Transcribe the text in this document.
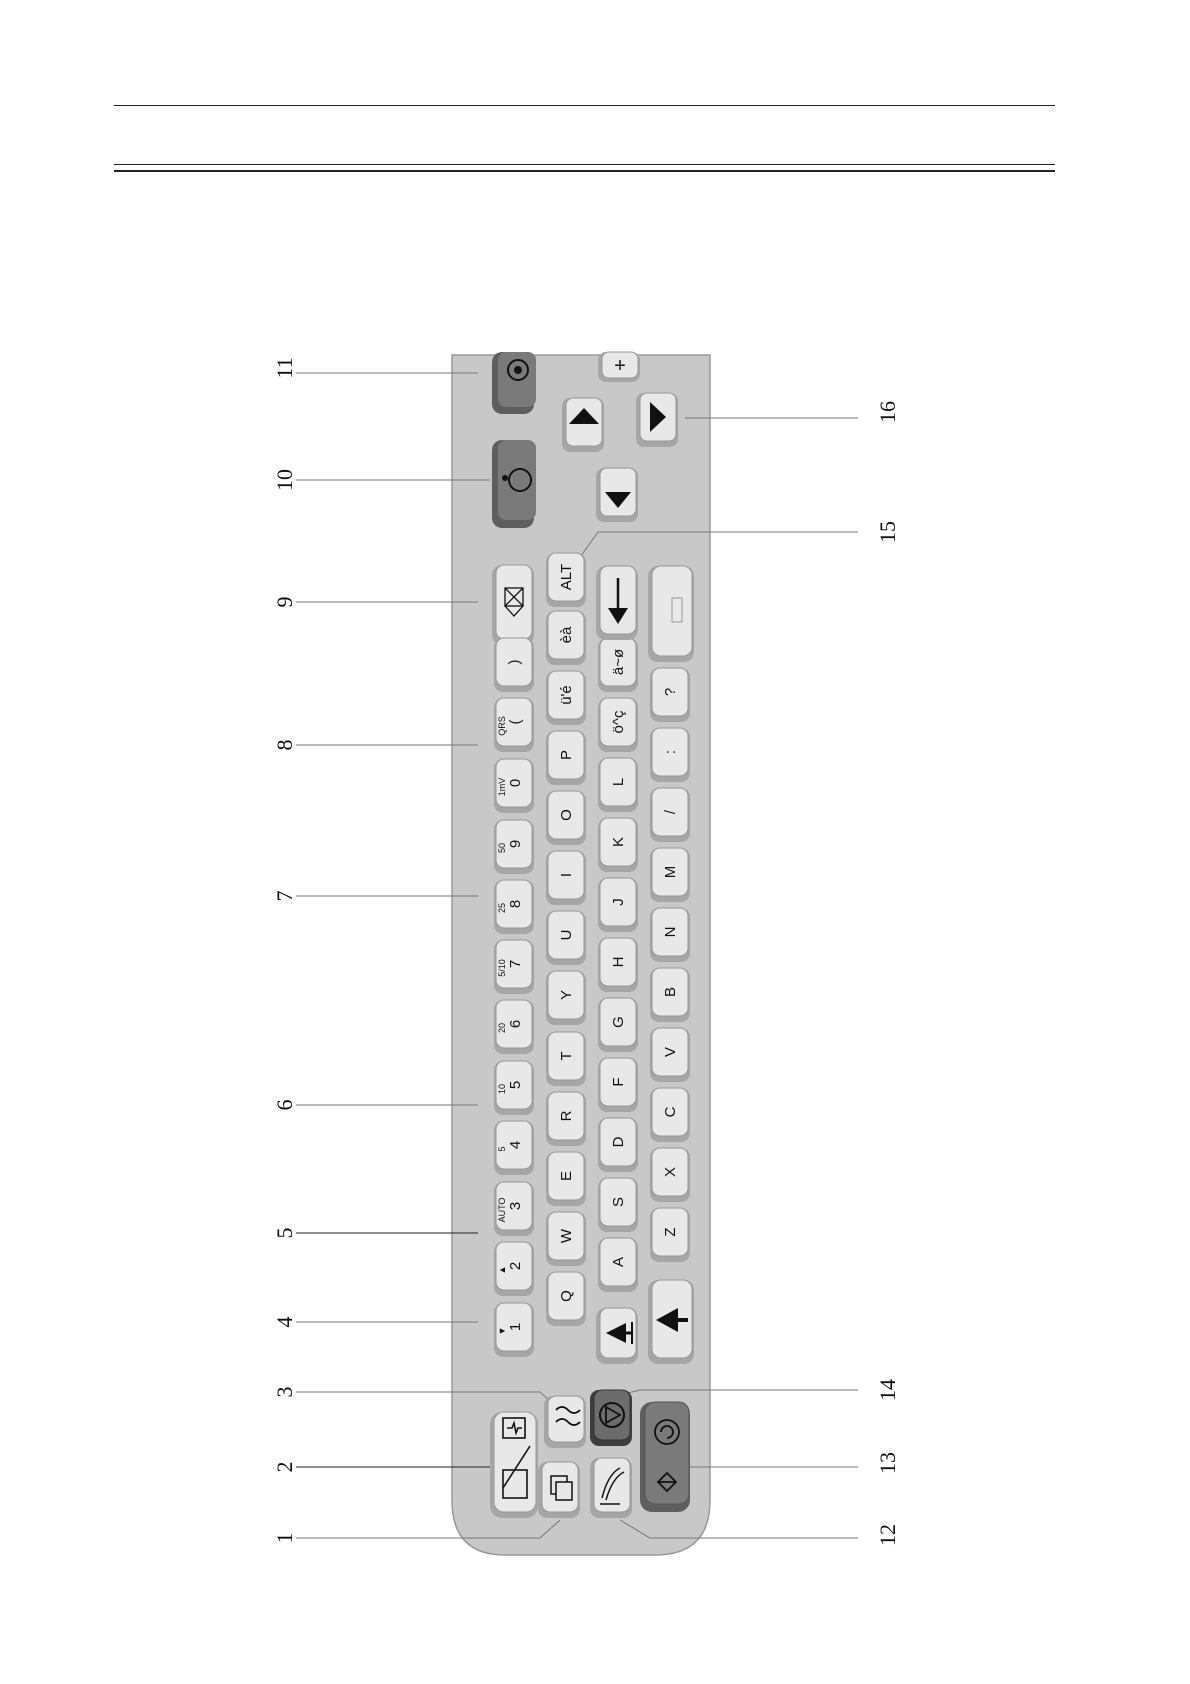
11
10
9
8
7
6
5
4
3
2
1
16
15
14
13
12
+
1
▼
2
▲
3
AUTO
4
5
5
10
6
20
7
5/10
8
25
9
50
0
1mV
(
QRS
)
Q
W
E
R
T
Y
U
I
O
P
ü'é
èà
ALT
A
S
D
F
G
H
J
K
L
ö^ç
ä~ø
Z
X
C
V
B
N
M
/
:
?
